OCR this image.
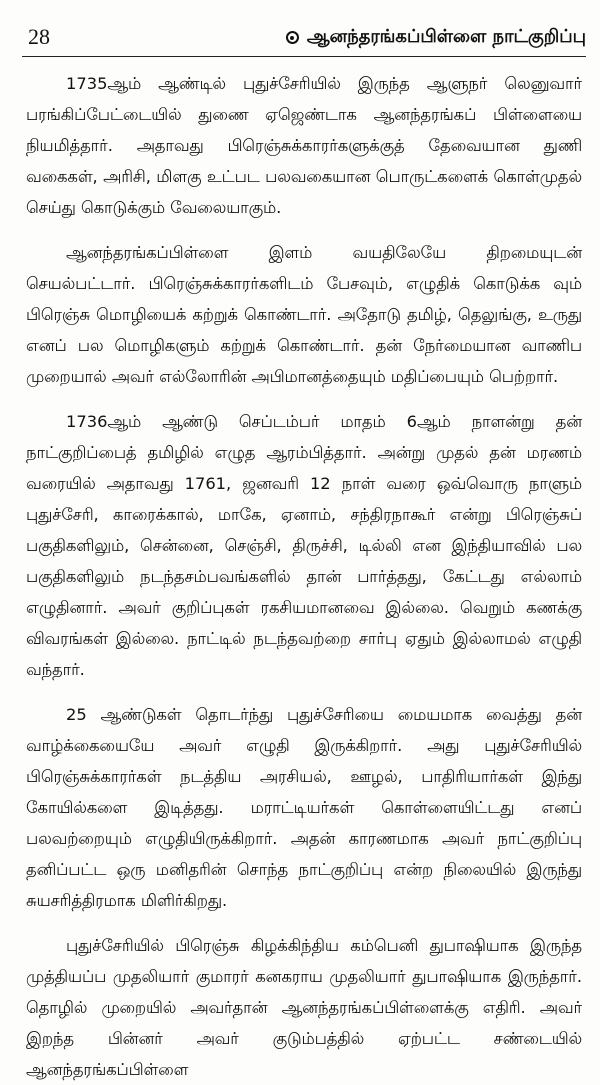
28	ஆனந்தரங்கப்பிள்ளை நாட்குறிப்பு

1735ஆம் ஆண்டில் புதுச்சேரியில் இருந்த ஆளுநர் லெனுவார் பரங்கிப்பேட்டையில் துணை ஏஜெண்டாக ஆனந்தரங்கப் பிள்ளையை நியமித்தார். அதாவது பிரெஞ்சுக்காரர்களுக்குத் தேவையான துணி வகைகள், அரிசி, மிளகு உட்பட பலவகையான பொருட்களைக் கொள்முதல் செய்து கொடுக்கும் வேலையாகும்.

ஆனந்தரங்கப்பிள்ளை இளம் வயதிலேயே திறமையுடன் செயல்பட்டார். பிரெஞ்சுக்காரர்களிடம் பேசவும், எழுதிக் கொடுக்க வும் பிரெஞ்சு மொழியைக் கற்றுக் கொண்டார். அதோடு தமிழ், தெலுங்கு, உருது எனப் பல மொழிகளும் கற்றுக் கொண்டார். தன் நேர்மையான வாணிப முறையால் அவர் எல்லோரின் அபிமானத்தையும் மதிப்பையும் பெற்றார்.

1736ஆம் ஆண்டு செப்டம்பர் மாதம் 6ஆம் நாளன்று தன் நாட்குறிப்பைத் தமிழில் எழுத ஆரம்பித்தார். அன்று முதல் தன் மரணம் வரையில் அதாவது 1761, ஜனவரி 12 நாள் வரை ஒவ்வொரு நாளும் புதுச்சேரி, காரைக்கால், மாகே, ஏனாம், சந்திரநாகூர் என்று பிரெஞ்சுப் பகுதிகளிலும், சென்னை, செஞ்சி, திருச்சி, டில்லி என இந்தியாவில் பல பகுதிகளிலும் நடந்தசம்பவங்களில் தான் பார்த்தது, கேட்டது எல்லாம் எழுதினார். அவர் குறிப்புகள் ரகசியமானவை இல்லை. வெறும் கணக்கு விவரங்கள் இல்லை. நாட்டில் நடந்தவற்றை சார்பு ஏதும் இல்லாமல் எழுதி வந்தார்.

25 ஆண்டுகள் தொடர்ந்து புதுச்சேரியை மையமாக வைத்து தன் வாழ்க்கையையே அவர் எழுதி இருக்கிறார். அது புதுச்சேரியில் பிரெஞ்சுக்காரர்கள் நடத்திய அரசியல், ஊழல், பாதிரியார்கள் இந்து கோயில்களை இடித்தது. மராட்டியர்கள் கொள்ளையிட்டது எனப் பலவற்றையும் எழுதியிருக்கிறார். அதன் காரணமாக அவர் நாட்குறிப்பு தனிப்பட்ட ஒரு மனிதரின் சொந்த நாட்குறிப்பு என்ற நிலையில் இருந்து சுயசரித்திரமாக மிளிர்கிறது.

புதுச்சேரியில் பிரெஞ்சு கிழக்கிந்திய கம்பெனி துபாஷியாக இருந்த முத்தியப்ப முதலியார் குமாரர் கனகராய முதலியார் துபாஷியாக இருந்தார். தொழில் முறையில் அவர்தான் ஆனந்தரங்கப்பிள்ளைக்கு எதிரி. அவர் இறந்த பின்னர் அவர் குடும்பத்தில் ஏற்பட்ட சண்டையில் ஆனந்தரங்கப்பிள்ளை
